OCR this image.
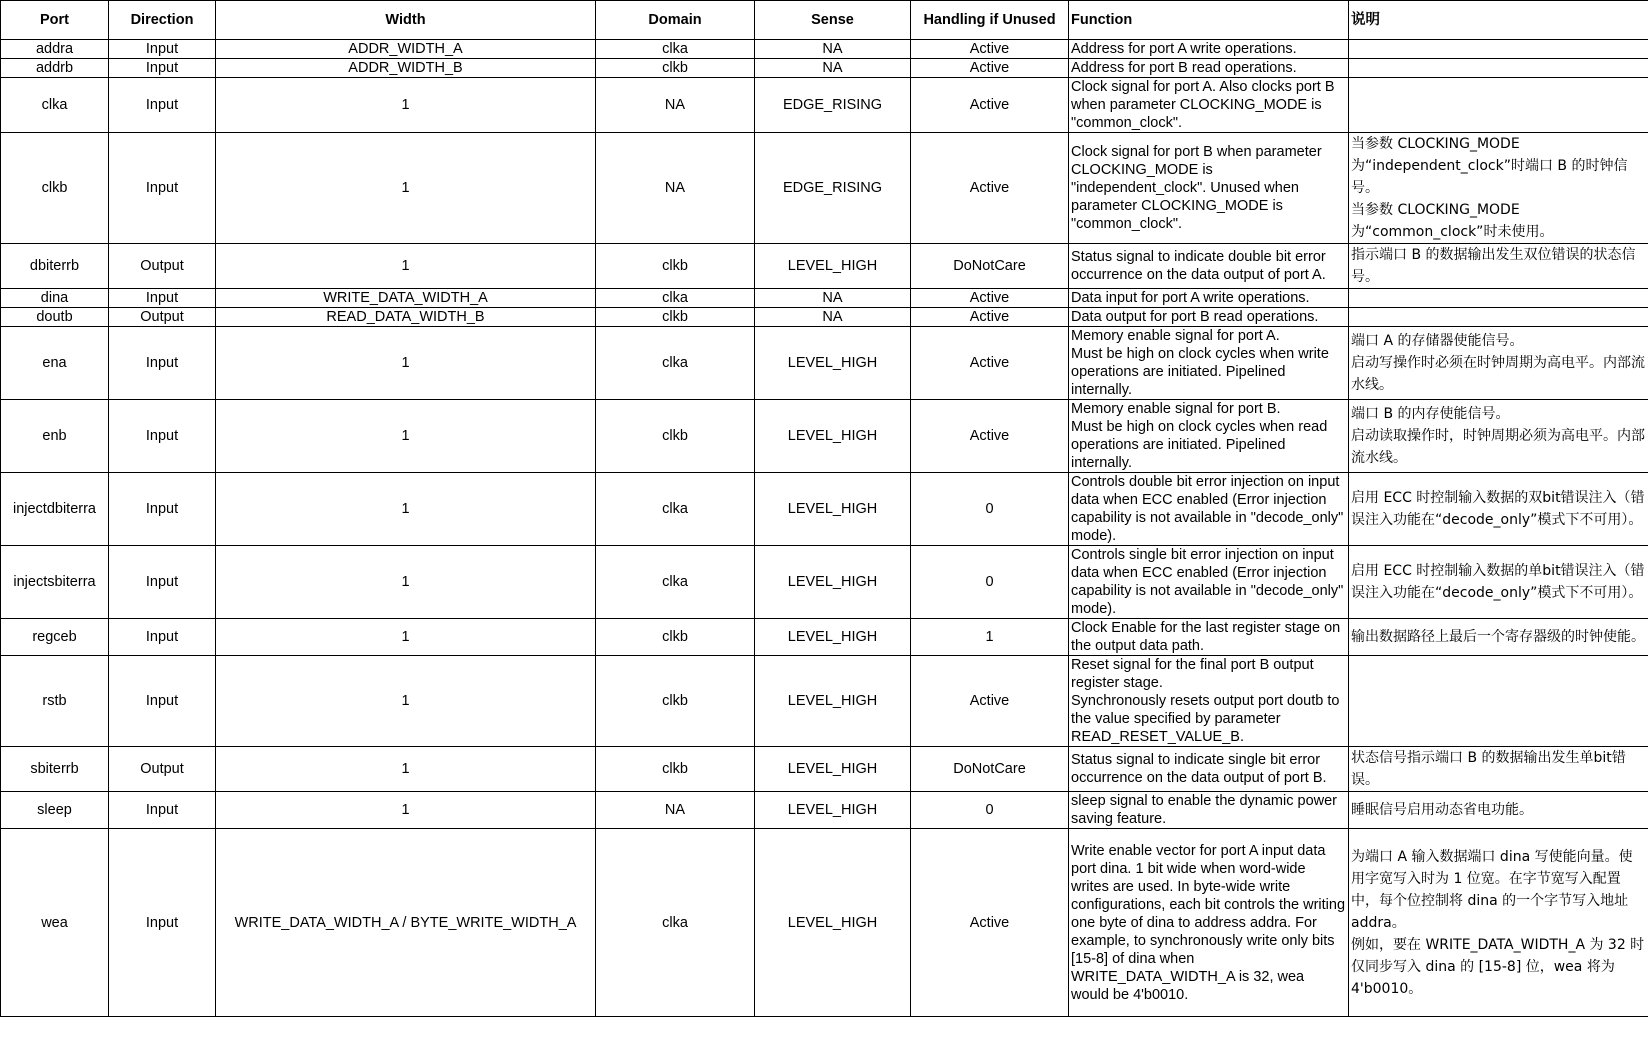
Port	Direction	Width	Domain	Sense	Handling if Unused	Function	说明
addra	Input	ADDR_WIDTH_A	clka	NA	Active	Address for port A write operations.	
addrb	Input	ADDR_WIDTH_B	clkb	NA	Active	Address for port B read operations.	
clka	Input	1	NA	EDGE_RISING	Active	Clock signal for port A. Also clocks port B when parameter CLOCKING_MODE is "common_clock".	
clkb	Input	1	NA	EDGE_RISING	Active	Clock signal for port B when parameter CLOCKING_MODE is "independent_clock". Unused when parameter CLOCKING_MODE is "common_clock".	当参数 CLOCKING_MODE 为“independent_clock”时端口 B 的时钟信号。
当参数 CLOCKING_MODE 为“common_clock”时未使用。
dbiterrb	Output	1	clkb	LEVEL_HIGH	DoNotCare	Status signal to indicate double bit error occurrence on the data output of port A.	指示端口 B 的数据输出发生双位错误的状态信号。
dina	Input	WRITE_DATA_WIDTH_A	clka	NA	Active	Data input for port A write operations.	
doutb	Output	READ_DATA_WIDTH_B	clkb	NA	Active	Data output for port B read operations.	
ena	Input	1	clka	LEVEL_HIGH	Active	Memory enable signal for port A.
Must be high on clock cycles when write operations are initiated. Pipelined internally.	端口 A 的存储器使能信号。
启动写操作时必须在时钟周期为高电平。内部流水线。
enb	Input	1	clkb	LEVEL_HIGH	Active	Memory enable signal for port B.
Must be high on clock cycles when read operations are initiated. Pipelined internally.	端口 B 的内存使能信号。
启动读取操作时，时钟周期必须为高电平。内部流水线。
injectdbiterra	Input	1	clka	LEVEL_HIGH	0	Controls double bit error injection on input data when ECC enabled (Error injection capability is not available in "decode_only" mode).	启用 ECC 时控制输入数据的双bit错误注入（错误注入功能在“decode_only”模式下不可用）。
injectsbiterra	Input	1	clka	LEVEL_HIGH	0	Controls single bit error injection on input data when ECC enabled (Error injection capability is not available in "decode_only" mode).	启用 ECC 时控制输入数据的单bit错误注入（错误注入功能在“decode_only”模式下不可用）。
regceb	Input	1	clkb	LEVEL_HIGH	1	Clock Enable for the last register stage on the output data path.	输出数据路径上最后一个寄存器级的时钟使能。
rstb	Input	1	clkb	LEVEL_HIGH	Active	Reset signal for the final port B output register stage.
Synchronously resets output port doutb to the value specified by parameter READ_RESET_VALUE_B.	
sbiterrb	Output	1	clkb	LEVEL_HIGH	DoNotCare	Status signal to indicate single bit error occurrence on the data output of port B.	状态信号指示端口 B 的数据输出发生单bit错误。
sleep	Input	1	NA	LEVEL_HIGH	0	sleep signal to enable the dynamic power saving feature.	睡眠信号启用动态省电功能。
wea	Input	WRITE_DATA_WIDTH_A / BYTE_WRITE_WIDTH_A	clka	LEVEL_HIGH	Active	Write enable vector for port A input data port dina. 1 bit wide when word-wide writes are used. In byte-wide write configurations, each bit controls the writing one byte of dina to address addra. For example, to synchronously write only bits [15-8] of dina when WRITE_DATA_WIDTH_A is 32, wea would be 4'b0010.	为端口 A 输入数据端口 dina 写使能向量。使用字宽写入时为 1 位宽。在字节宽写入配置中，每个位控制将 dina 的一个字节写入地址 addra。
例如，要在 WRITE_DATA_WIDTH_A 为 32 时仅同步写入 dina 的 [15-8] 位，wea 将为 4'b0010。
